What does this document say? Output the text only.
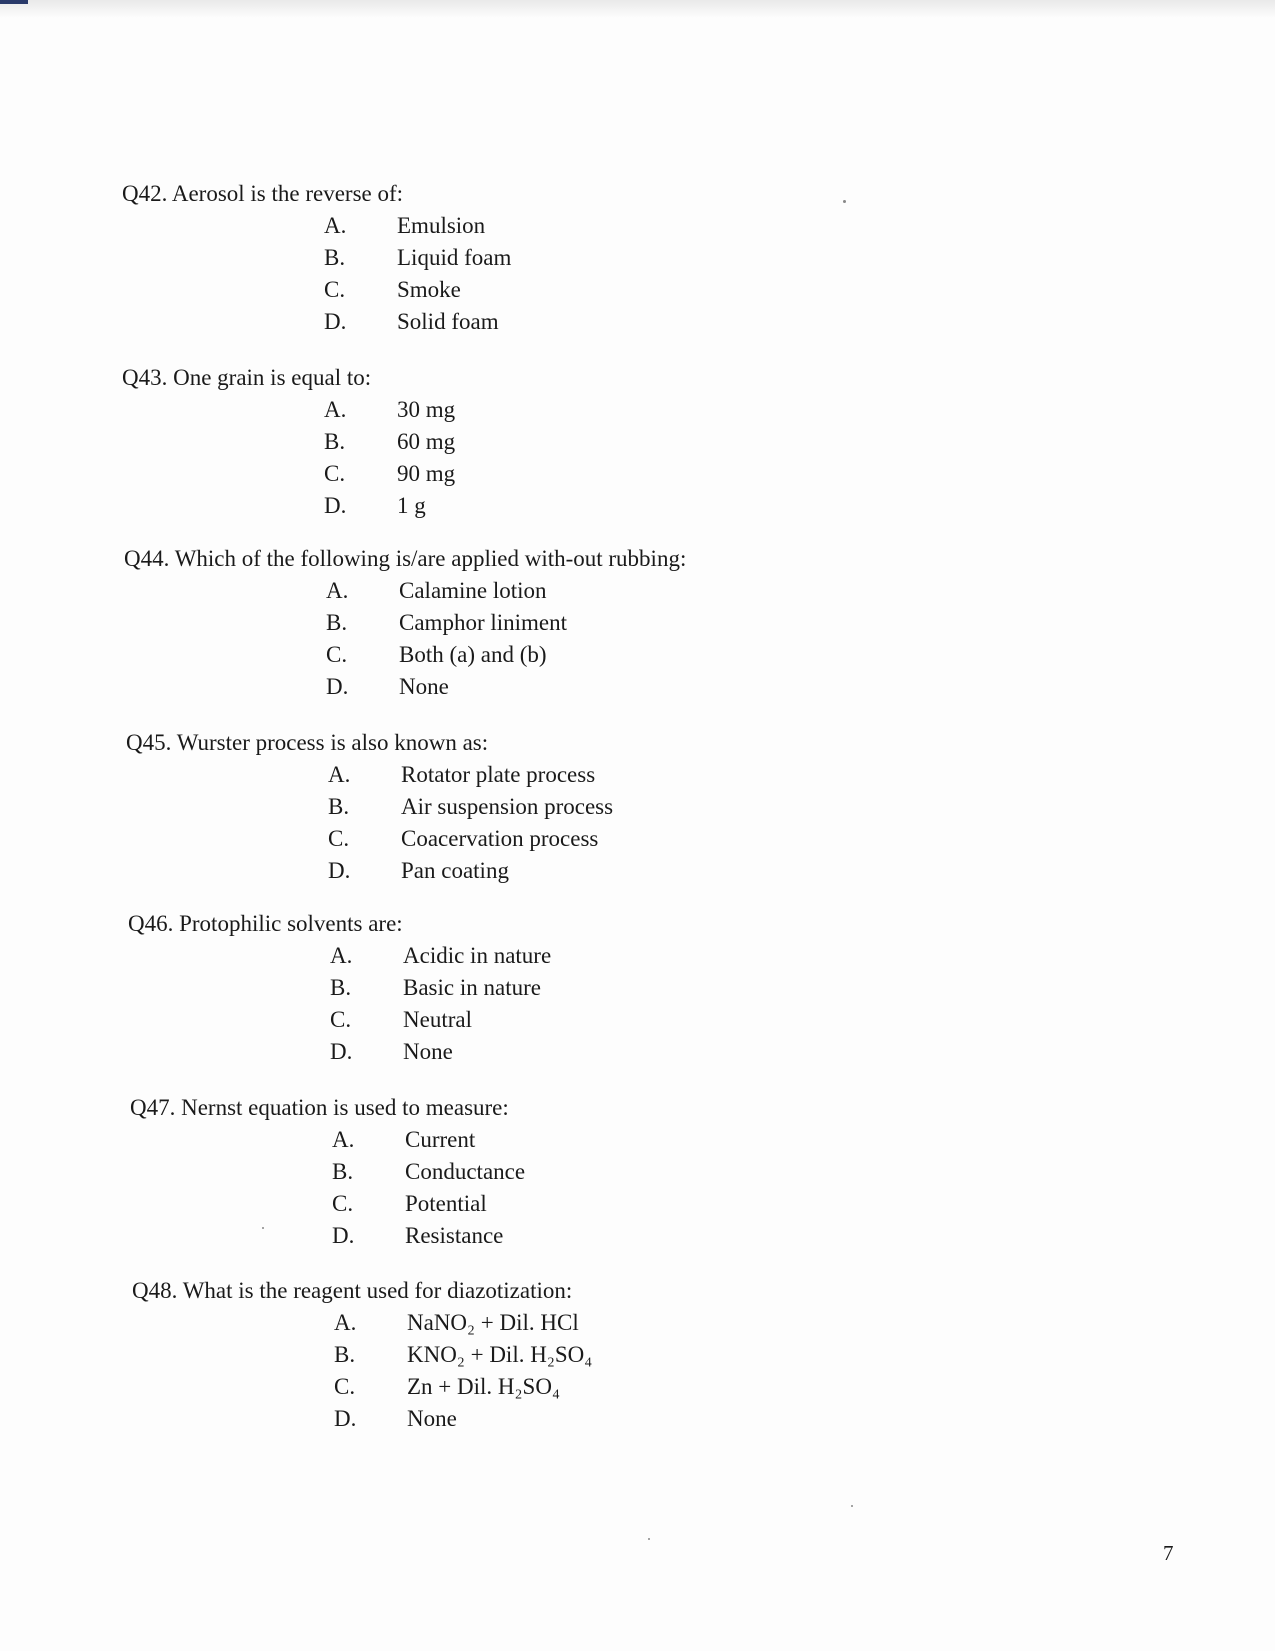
Q42. Aerosol is the reverse of:
A. Emulsion
B. Liquid foam
C. Smoke
D. Solid foam
Q43. One grain is equal to:
A. 30 mg
B. 60 mg
C. 90 mg
D. 1 g
Q44. Which of the following is/are applied with-out rubbing:
A. Calamine lotion
B. Camphor liniment
C. Both (a) and (b)
D. None
Q45. Wurster process is also known as:
A. Rotator plate process
B. Air suspension process
C. Coacervation process
D. Pan coating
Q46. Protophilic solvents are:
A. Acidic in nature
B. Basic in nature
C. Neutral
D. None
Q47. Nernst equation is used to measure:
A. Current
B. Conductance
C. Potential
D. Resistance
Q48. What is the reagent used for diazotization:
A. NaNO₂ + Dil. HCl
B. KNO₂ + Dil. H₂SO₄
C. Zn + Dil. H₂SO₄
D. None
7
